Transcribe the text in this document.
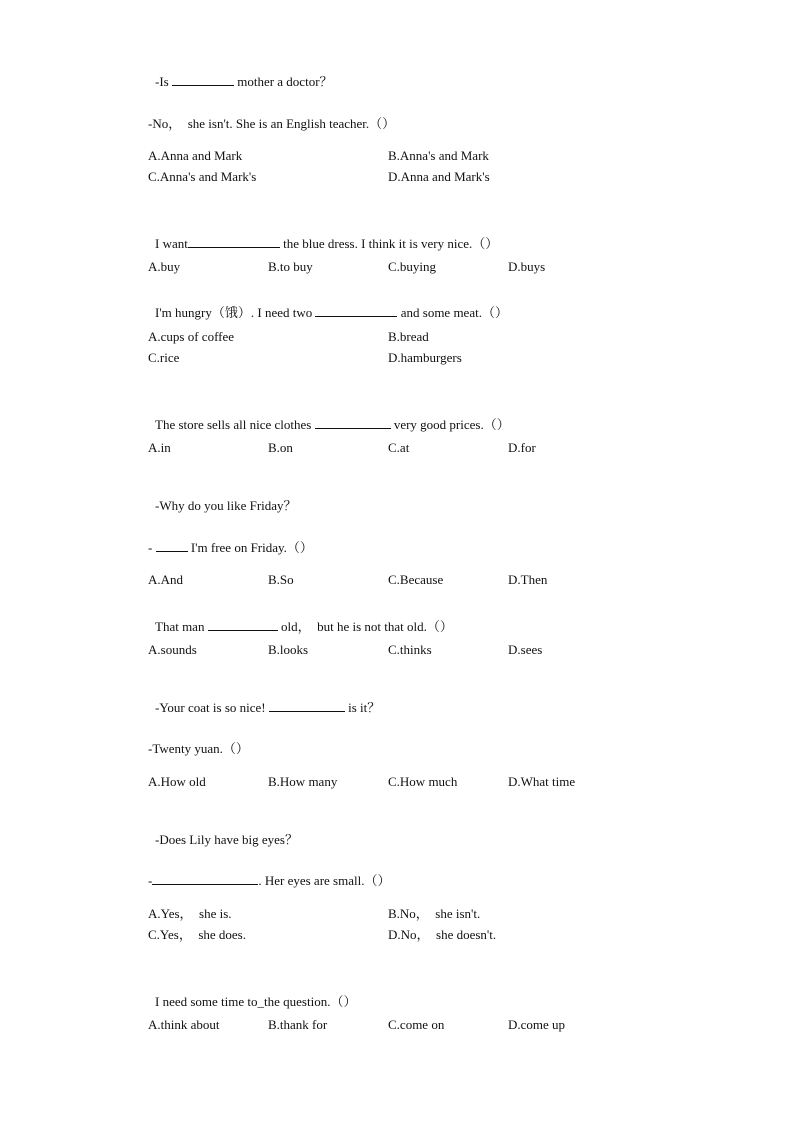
-Is	mother a doctor？
-No，  she isn't. She is an English teacher.（）
A.Anna and Mark	B.Anna's and Mark
C.Anna's and Mark's	D.Anna and Mark's
I want	the blue dress. I think it is very nice.（）
A.buy	B.to buy	C.buying	D.buys
I'm hungry（饿）. I need two	and some meat.（）
A.cups of coffee	B.bread
C.rice	D.hamburgers
The store sells all nice clothes	very good prices.（）
A.in	B.on	C.at	D.for
-Why do you like Friday？
-  I'm free on Friday.（）
A.And	B.So	C.Because	D.Then
That man	old，  but he is not that old.（）
A.sounds	B.looks	C.thinks	D.sees
-Your coat is so nice!	is it？
-Twenty yuan.（）
A.How old	B.How many	C.How much	D.What time
-Does Lily have big eyes？
-	. Her eyes are small.（）
A.Yes，  she is.	B.No，  she isn't.
C.Yes，  she does.	D.No，  she doesn't.
I need some time to_the question.（）
A.think about	B.thank for	C.come on	D.come up
